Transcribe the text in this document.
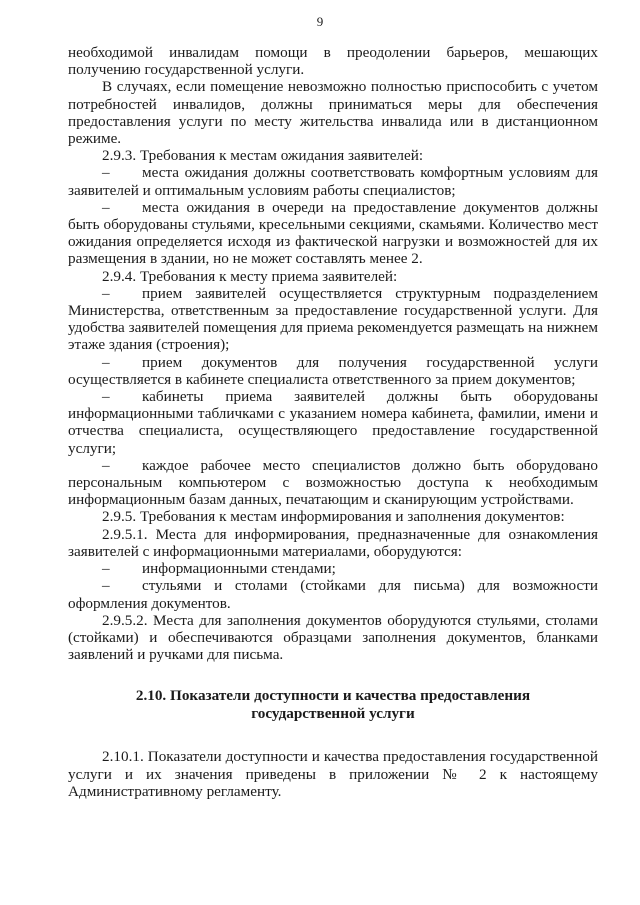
9

необходимой инвалидам помощи в преодолении барьеров, мешающих получению государственной услуги.

В случаях, если помещение невозможно полностью приспособить с учетом потребностей инвалидов, должны приниматься меры для обеспечения предоставления услуги по месту жительства инвалида или в дистанционном режиме.

2.9.3. Требования к местам ожидания заявителей:

– места ожидания должны соответствовать комфортным условиям для заявителей и оптимальным условиям работы специалистов;

– места ожидания в очереди на предоставление документов должны быть оборудованы стульями, кресельными секциями, скамьями. Количество мест ожидания определяется исходя из фактической нагрузки и возможностей для их размещения в здании, но не может составлять менее 2.

2.9.4. Требования к месту приема заявителей:

– прием заявителей осуществляется структурным подразделением Министерства, ответственным за предоставление государственной услуги. Для удобства заявителей помещения для приема рекомендуется размещать на нижнем этаже здания (строения);

– прием документов для получения государственной услуги осуществляется в кабинете специалиста ответственного за прием документов;

– кабинеты приема заявителей должны быть оборудованы информационными табличками с указанием номера кабинета, фамилии, имени и отчества специалиста, осуществляющего предоставление государственной услуги;

– каждое рабочее место специалистов должно быть оборудовано персональным компьютером с возможностью доступа к необходимым информационным базам данных, печатающим и сканирующим устройствами.

2.9.5. Требования к местам информирования и заполнения документов:

2.9.5.1. Места для информирования, предназначенные для ознакомления заявителей с информационными материалами, оборудуются:

– информационными стендами;

– стульями и столами (стойками для письма) для возможности оформления документов.

2.9.5.2. Места для заполнения документов оборудуются стульями, столами (стойками) и обеспечиваются образцами заполнения документов, бланками заявлений и ручками для письма.

2.10. Показатели доступности и качества предоставления
государственной услуги

2.10.1. Показатели доступности и качества предоставления государственной услуги и их значения приведены в приложении № 2 к настоящему Административному регламенту.
